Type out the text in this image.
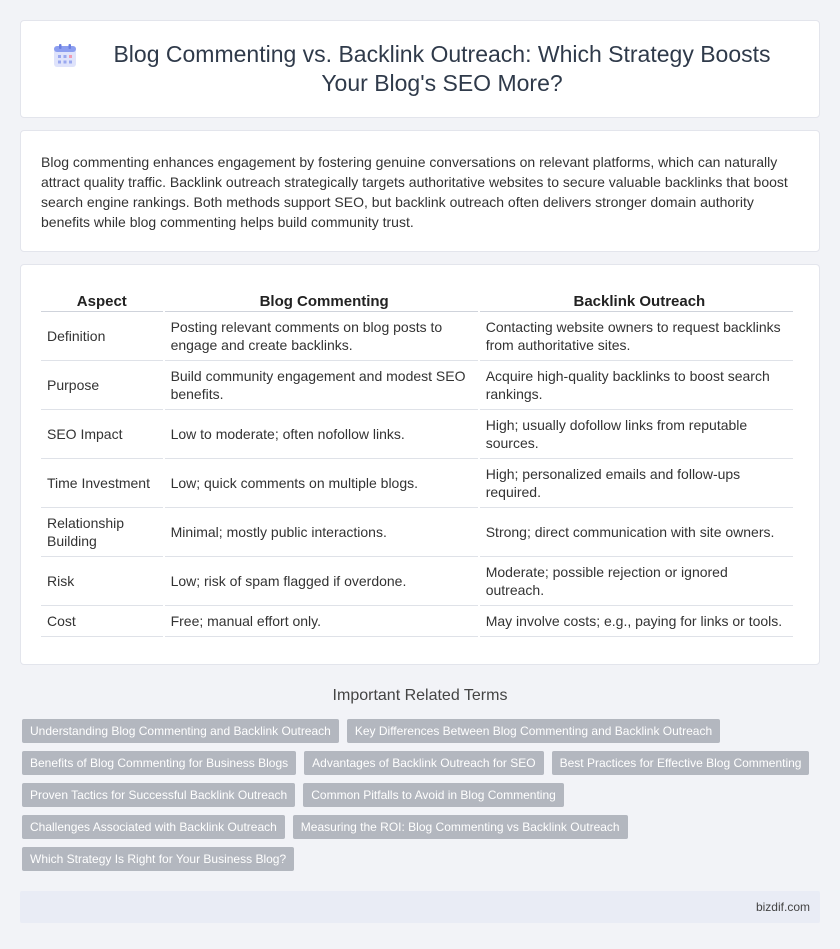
Blog Commenting vs. Backlink Outreach: Which Strategy Boosts Your Blog's SEO More?

Blog commenting enhances engagement by fostering genuine conversations on relevant platforms, which can naturally attract quality traffic. Backlink outreach strategically targets authoritative websites to secure valuable backlinks that boost search engine rankings. Both methods support SEO, but backlink outreach often delivers stronger domain authority benefits while blog commenting helps build community trust.

Aspect	Blog Commenting	Backlink Outreach
Definition	Posting relevant comments on blog posts to engage and create backlinks.	Contacting website owners to request backlinks from authoritative sites.
Purpose	Build community engagement and modest SEO benefits.	Acquire high-quality backlinks to boost search rankings.
SEO Impact	Low to moderate; often nofollow links.	High; usually dofollow links from reputable sources.
Time Investment	Low; quick comments on multiple blogs.	High; personalized emails and follow-ups required.
Relationship Building	Minimal; mostly public interactions.	Strong; direct communication with site owners.
Risk	Low; risk of spam flagged if overdone.	Moderate; possible rejection or ignored outreach.
Cost	Free; manual effort only.	May involve costs; e.g., paying for links or tools.
Important Related Terms
Understanding Blog Commenting and Backlink Outreach	Key Differences Between Blog Commenting and Backlink Outreach
Benefits of Blog Commenting for Business Blogs	Advantages of Backlink Outreach for SEO	Best Practices for Effective Blog Commenting
Proven Tactics for Successful Backlink Outreach	Common Pitfalls to Avoid in Blog Commenting
Challenges Associated with Backlink Outreach	Measuring the ROI: Blog Commenting vs Backlink Outreach
Which Strategy Is Right for Your Business Blog?
bizdif.com
